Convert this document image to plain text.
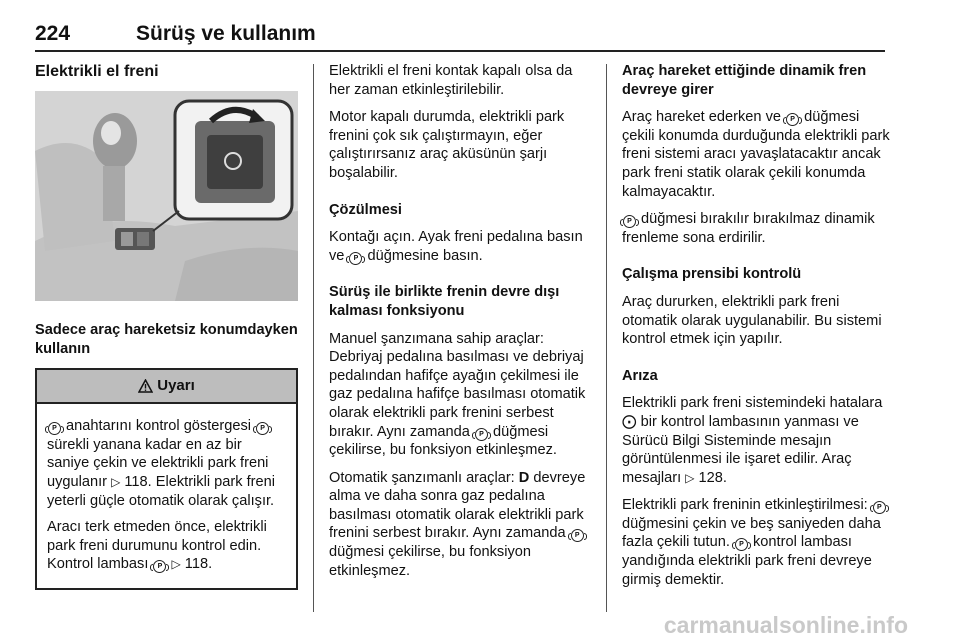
224	Sürüş ve kullanım
Elektrikli el freni
Sadece araç hareketsiz konumdayken kullanın
Uyarı

P anahtarını kontrol göstergesi P sürekli yanana kadar en az bir saniye çekin ve elektrikli park freni uygulanır ▷ 118. Elektrikli park freni yeterli güçle otomatik olarak çalışır.

Aracı terk etmeden önce, elektrikli park freni durumunu kontrol edin. Kontrol lambası P ▷ 118.

Elektrikli el freni kontak kapalı olsa da her zaman etkinleştirilebilir.

Motor kapalı durumda, elektrikli park frenini çok sık çalıştırmayın, eğer çalıştırırsanız araç aküsünün şarjı boşalabilir.

Çözülmesi

Kontağı açın. Ayak freni pedalına basın ve P düğmesine basın.

Sürüş ile birlikte frenin devre dışı kalması fonksiyonu

Manuel şanzımana sahip araçlar: Debriyaj pedalına basılması ve debriyaj pedalından hafifçe ayağın çekilmesi ile gaz pedalına hafifçe basılması otomatik olarak elektrikli park frenini serbest bırakır. Aynı zamanda P düğmesi çekilirse, bu fonksiyon etkinleşmez.

Otomatik şanzımanlı araçlar: D devreye alma ve daha sonra gaz pedalına basılması otomatik olarak elektrikli park frenini serbest bırakır. Aynı zamanda P düğmesi çekilirse, bu fonksiyon etkinleşmez.

Araç hareket ettiğinde dinamik fren devreye girer

Araç hareket ederken ve P düğmesi çekili konumda durduğunda elektrikli park freni sistemi aracı yavaşlatacaktır ancak park freni statik olarak çekili konumda kalmayacaktır.

P düğmesi bırakılır bırakılmaz dinamik frenleme sona erdirilir.

Çalışma prensibi kontrolü

Araç dururken, elektrikli park freni otomatik olarak uygulanabilir. Bu sistemi kontrol etmek için yapılır.

Arıza

Elektrikli park freni sistemindeki hatalara ⨀ bir kontrol lambasının yanması ve Sürücü Bilgi Sisteminde mesajın görüntülenmesi ile işaret edilir. Araç mesajları ▷ 128.

Elektrikli park freninin etkinleştirilmesi: P düğmesini çekin ve beş saniyeden daha fazla çekili tutun. P kontrol lambası yandığında elektrikli park freni devreye girmiş demektir.

carmanualsonline.info
